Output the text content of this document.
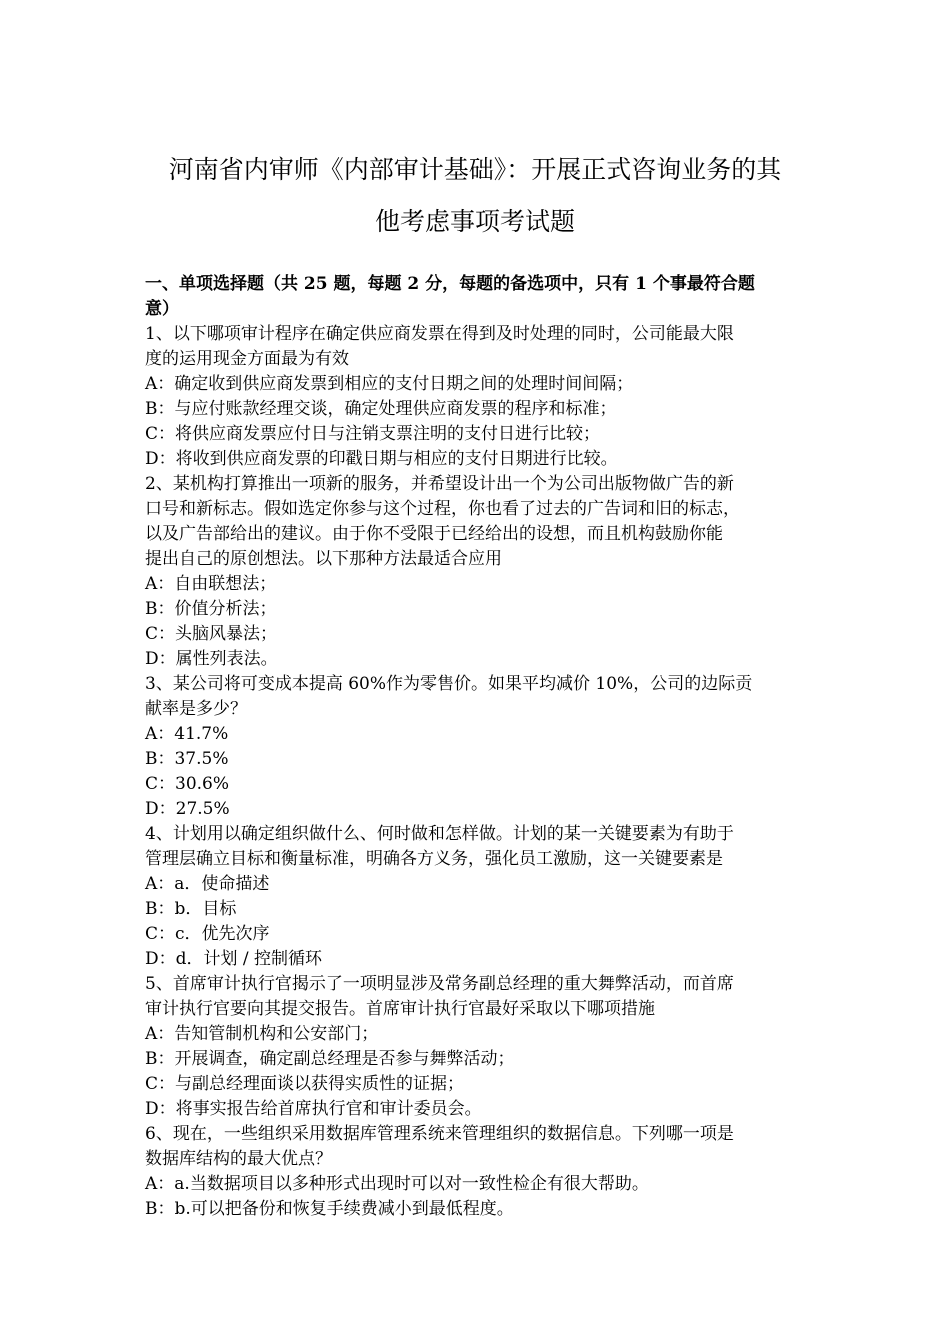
河南省内审师《内部审计基础》：开展正式咨询业务的其
他考虑事项考试题
一、单项选择题（共 25 题，每题 2 分，每题的备选项中，只有 1 个事最符合题
意）
1、以下哪项审计程序在确定供应商发票在得到及时处理的同时，公司能最大限
度的运用现金方面最为有效
A：确定收到供应商发票到相应的支付日期之间的处理时间间隔；
B：与应付账款经理交谈，确定处理供应商发票的程序和标准；
C：将供应商发票应付日与注销支票注明的支付日进行比较；
D：将收到供应商发票的印戳日期与相应的支付日期进行比较。
2、某机构打算推出一项新的服务，并希望设计出一个为公司出版物做广告的新
口号和新标志。假如选定你参与这个过程，你也看了过去的广告词和旧的标志，
以及广告部给出的建议。由于你不受限于已经给出的设想，而且机构鼓励你能
提出自己的原创想法。以下那种方法最适合应用
A：自由联想法；
B：价值分析法；
C：头脑风暴法；
D：属性列表法。
3、某公司将可变成本提高 60%作为零售价。如果平均减价 10%，公司的边际贡
献率是多少？
A：41.7%
B：37.5%
C：30.6%
D：27.5%
4、计划用以确定组织做什么、何时做和怎样做。计划的某一关键要素为有助于
管理层确立目标和衡量标准，明确各方义务，强化员工激励，这一关键要素是
A：a．使命描述
B：b．目标
C：c．优先次序
D：d．计划 / 控制循环
5、首席审计执行官揭示了一项明显涉及常务副总经理的重大舞弊活动，而首席
审计执行官要向其提交报告。首席审计执行官最好采取以下哪项措施
A：告知管制机构和公安部门；
B：开展调查，确定副总经理是否参与舞弊活动；
C：与副总经理面谈以获得实质性的证据；
D：将事实报告给首席执行官和审计委员会。
6、现在，一些组织采用数据库管理系统来管理组织的数据信息。下列哪一项是
数据库结构的最大优点？
A：a.当数据项目以多种形式出现时可以对一致性检企有很大帮助。
B：b.可以把备份和恢复手续费减小到最低程度。
